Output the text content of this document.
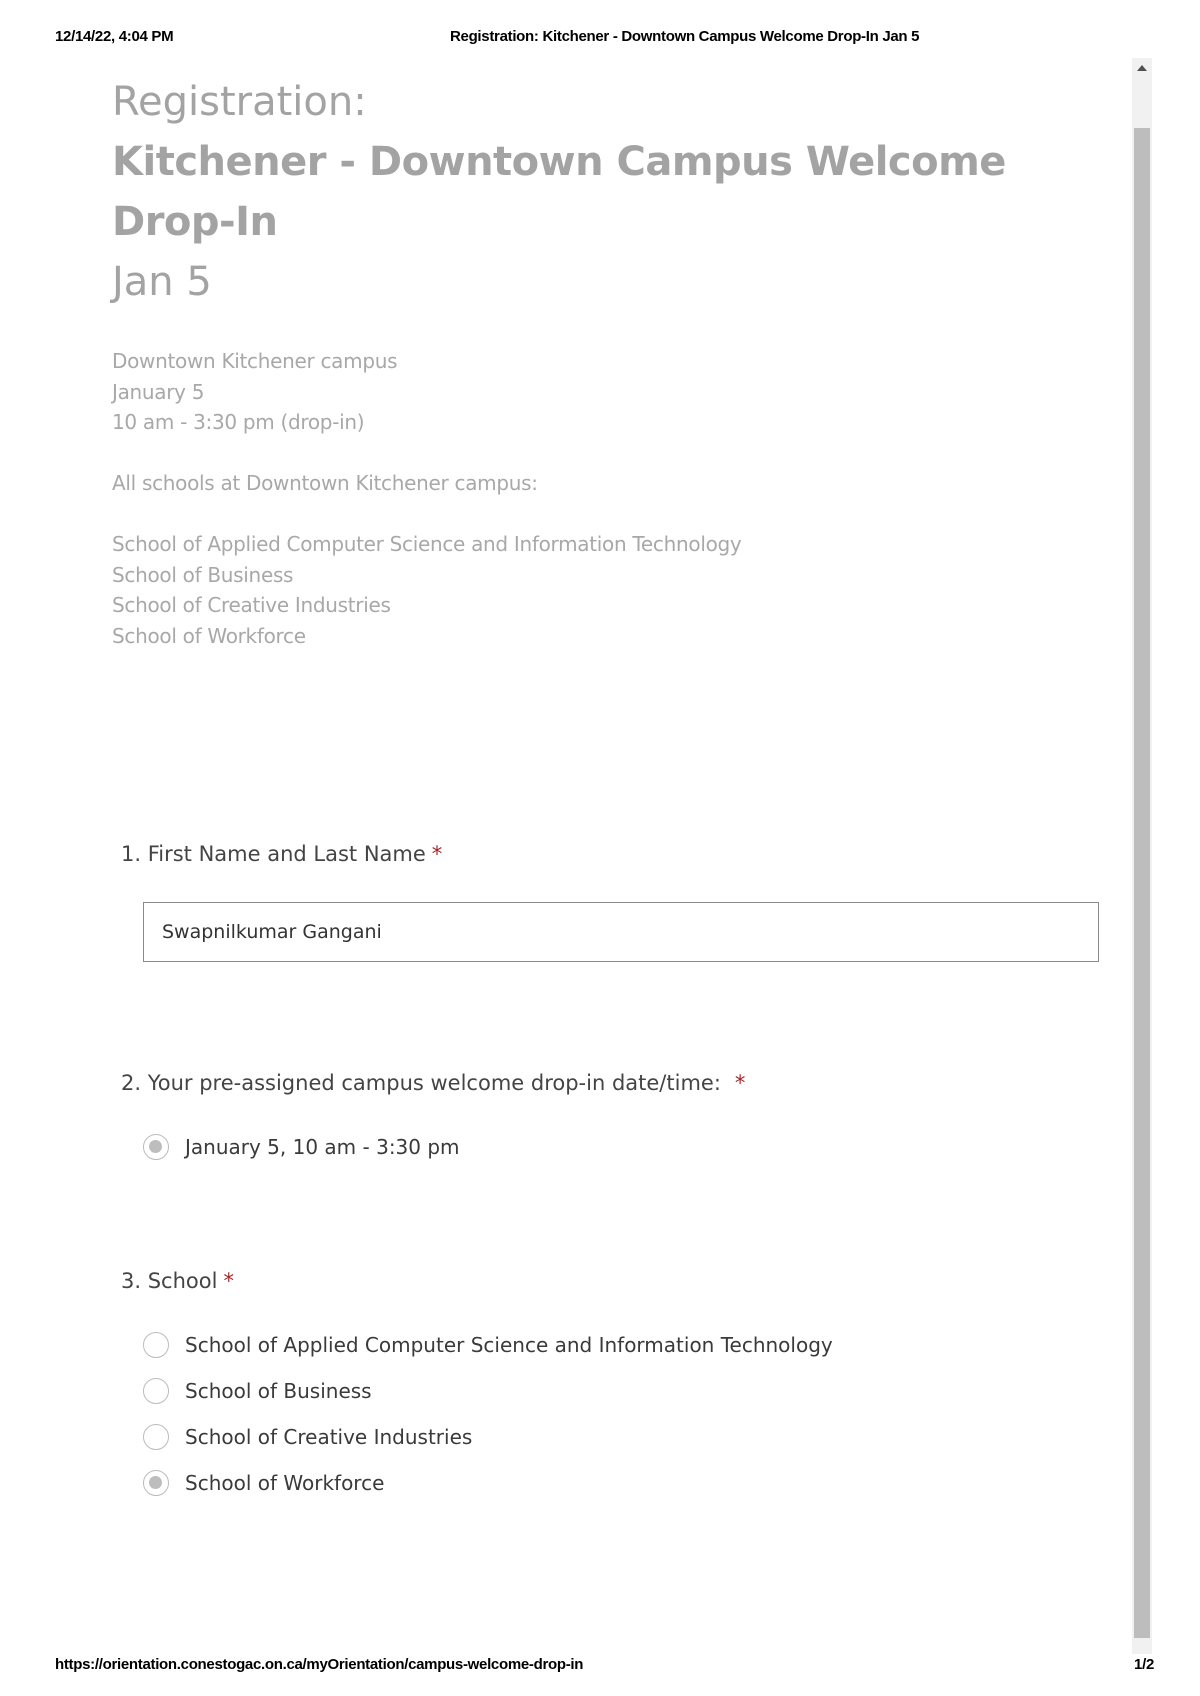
12/14/22, 4:04 PM	Registration: Kitchener - Downtown Campus Welcome Drop-In Jan 5
Registration:
Kitchener - Downtown Campus Welcome Drop-In
Jan 5
Downtown Kitchener campus
January 5
10 am - 3:30 pm (drop-in)
All schools at Downtown Kitchener campus:
School of Applied Computer Science and Information Technology
School of Business
School of Creative Industries
School of Workforce
1. First Name and Last Name *
Swapnilkumar Gangani
2. Your pre-assigned campus welcome drop-in date/time: *
January 5, 10 am - 3:30 pm
3. School *
School of Applied Computer Science and Information Technology
School of Business
School of Creative Industries
School of Workforce
https://orientation.conestogac.on.ca/myOrientation/campus-welcome-drop-in	1/2
